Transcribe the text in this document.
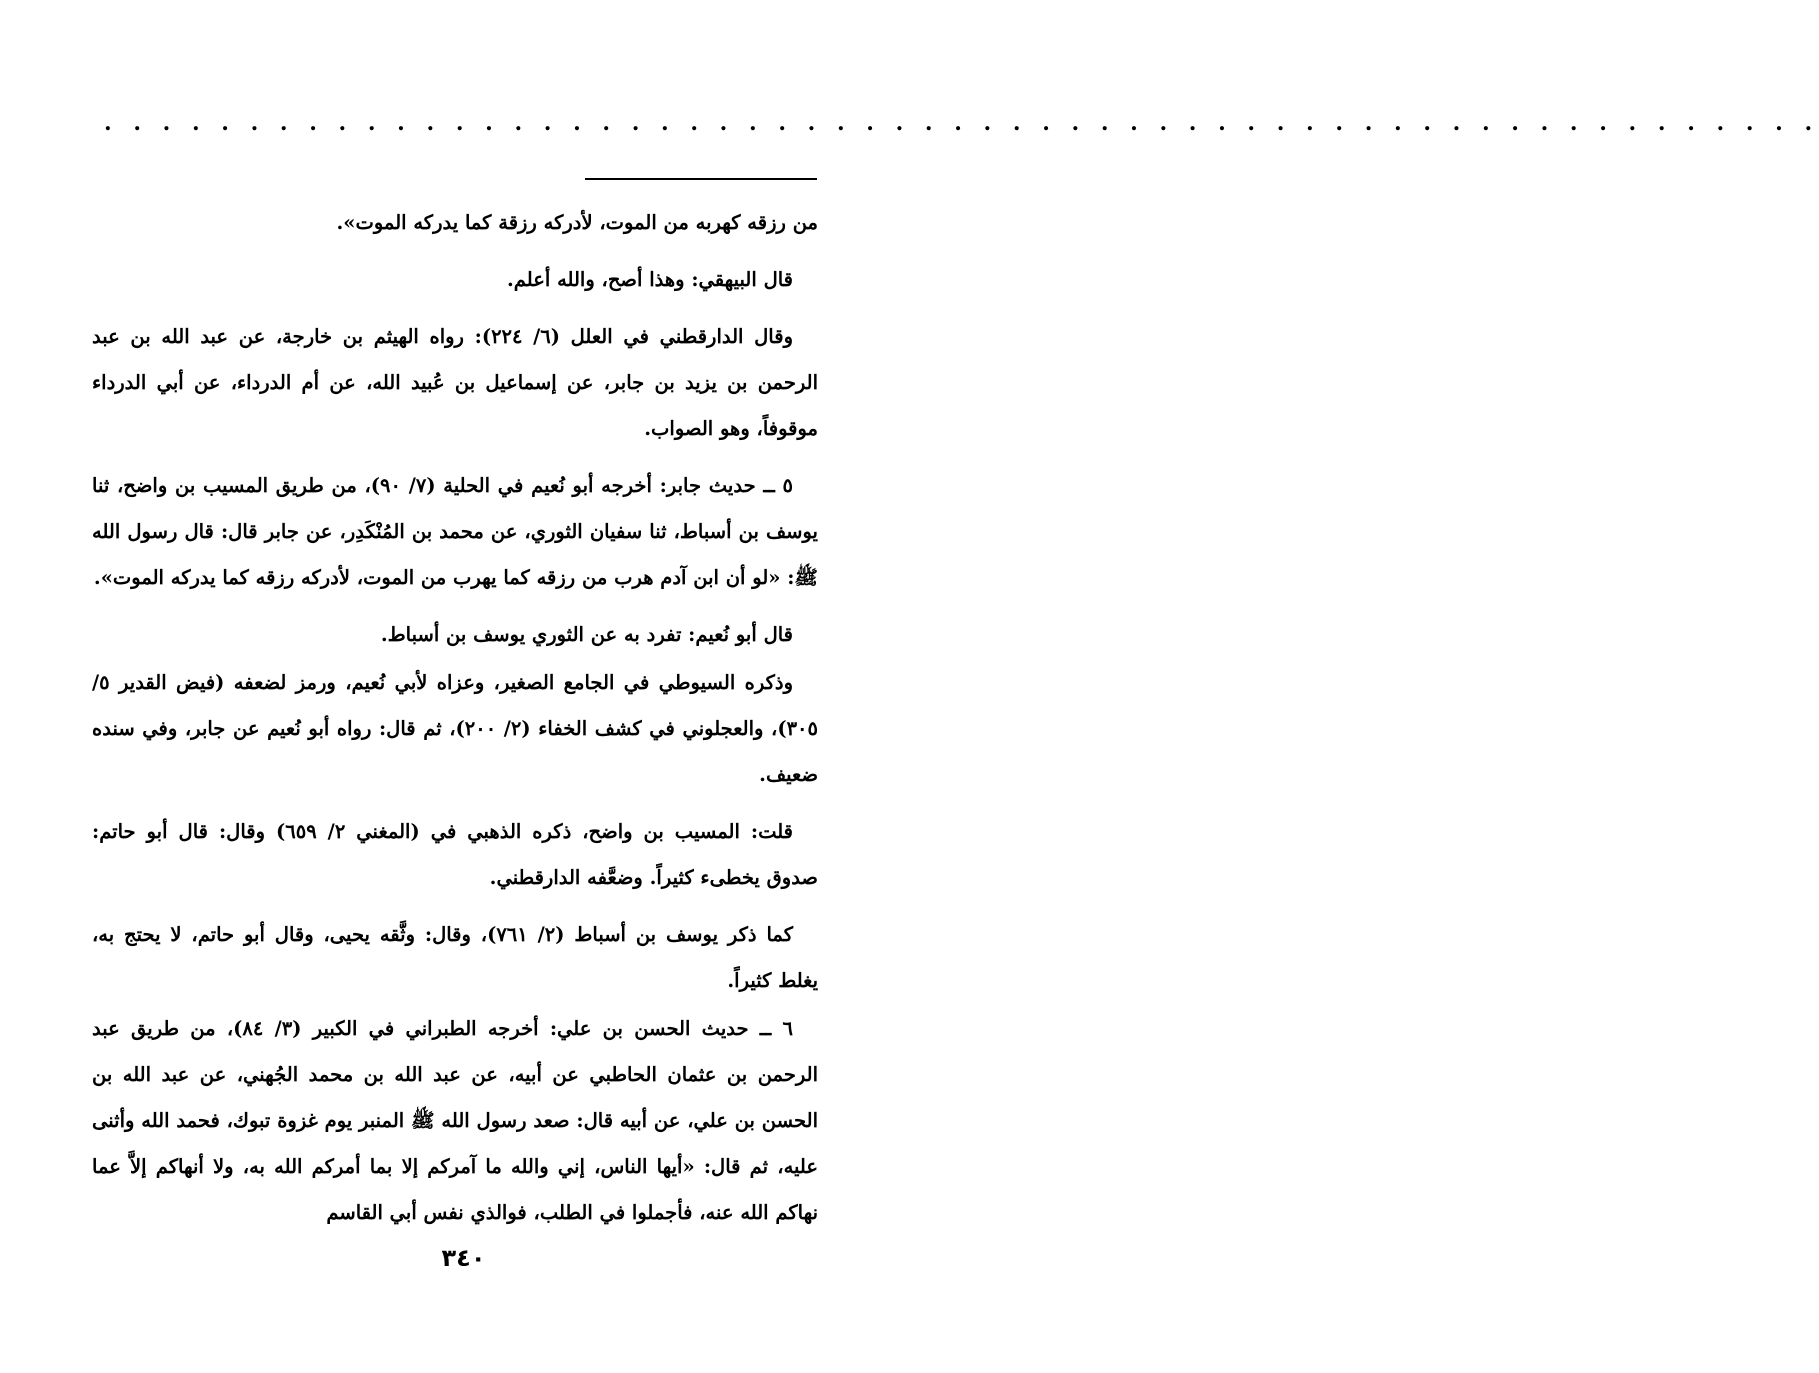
. . . . . . . . . . . . . . . . . . . . . . . . . . . . . . . . . . . . . . . . . . . . . . . . . . . . . . . . . . .

من رزقه كهربه من الموت، لأدركه رزقة كما يدركه الموت».

قال البيهقي: وهذا أصح، والله أعلم.

وقال الدارقطني في العلل (٦/ ٢٢٤): رواه الهيثم بن خارجة، عن عبد الله بن عبد الرحمن بن يزيد بن جابر، عن إسماعيل بن عُبيد الله، عن أم الدرداء، عن أبي الدرداء موقوفاً، وهو الصواب.

٥ ــ حديث جابر: أخرجه أبو نُعيم في الحلية (٧/ ٩٠)، من طريق المسيب بن واضح، ثنا يوسف بن أسباط، ثنا سفيان الثوري، عن محمد بن المُنْكَدِر، عن جابر قال: قال رسول الله ﷺ: «لو أن ابن آدم هرب من رزقه كما يهرب من الموت، لأدركه رزقه كما يدركه الموت».

قال أبو نُعيم: تفرد به عن الثوري يوسف بن أسباط.

وذكره السيوطي في الجامع الصغير، وعزاه لأبي نُعيم، ورمز لضعفه (فيض القدير ٥/ ٣٠٥)، والعجلوني في كشف الخفاء (٢/ ٢٠٠)، ثم قال: رواه أبو نُعيم عن جابر، وفي سنده ضعيف.

قلت: المسيب بن واضح، ذكره الذهبي في (المغني ٢/ ٦٥٩) وقال: قال أبو حاتم: صدوق يخطىء كثيراً. وضعَّفه الدارقطني.

كما ذكر يوسف بن أسباط (٢/ ٧٦١)، وقال: وثَّقه يحيى، وقال أبو حاتم، لا يحتج به، يغلط كثيراً.

٦ ــ حديث الحسن بن علي: أخرجه الطبراني في الكبير (٣/ ٨٤)، من طريق عبد الرحمن بن عثمان الحاطبي عن أبيه، عن عبد الله بن محمد الجُهني، عن عبد الله بن الحسن بن علي، عن أبيه قال: صعد رسول الله ﷺ المنبر يوم غزوة تبوك، فحمد الله وأثنى عليه، ثم قال: «أيها الناس، إني والله ما آمركم إلا بما أمركم الله به، ولا أنهاكم إلاَّ عما نهاكم الله عنه، فأجملوا في الطلب، فوالذي نفس أبي القاسم

٣٤٠
